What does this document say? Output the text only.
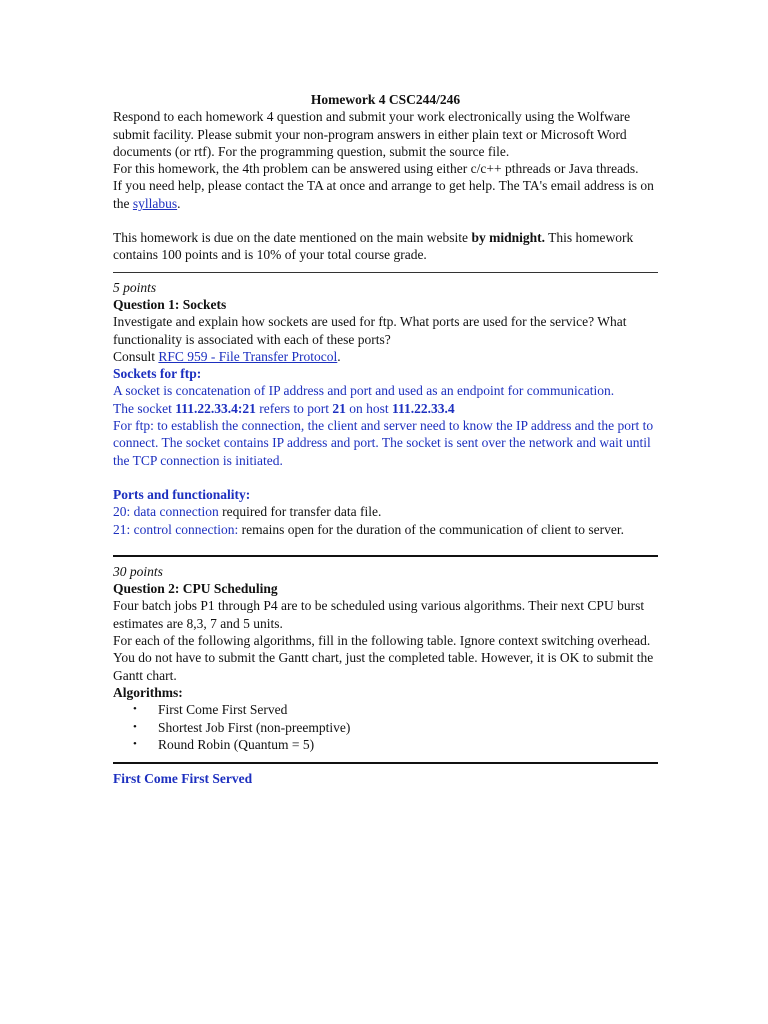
Homework 4 CSC244/246

Respond to each homework 4 question and submit your work electronically using the Wolfware submit facility. Please submit your non-program answers in either plain text or Microsoft Word documents (or rtf). For the programming question, submit the source file.

For this homework, the 4th problem can be answered using either c/c++ pthreads or Java threads.

If you need help, please contact the TA at once and arrange to get help. The TA's email address is on the syllabus.

This homework is due on the date mentioned on the main website by midnight. This homework contains 100 points and is 10% of your total course grade.

5 points

Question 1: Sockets

Investigate and explain how sockets are used for ftp. What ports are used for the service? What functionality is associated with each of these ports?

Consult RFC 959 - File Transfer Protocol.

Sockets for ftp:

A socket is concatenation of IP address and port and used as an endpoint for communication.

The socket 111.22.33.4:21 refers to port 21 on host 111.22.33.4

For ftp: to establish the connection, the client and server need to know the IP address and the port to connect. The socket contains IP address and port. The socket is sent over the network and wait until the TCP connection is initiated.

Ports and functionality:

20: data connection required for transfer data file.

21: control connection: remains open for the duration of the communication of client to server.

30 points

Question 2: CPU Scheduling

Four batch jobs P1 through P4 are to be scheduled using various algorithms. Their next CPU burst estimates are 8,3, 7 and 5 units.

For each of the following algorithms, fill in the following table. Ignore context switching overhead.

You do not have to submit the Gantt chart, just the completed table. However, it is OK to submit the Gantt chart.

Algorithms:

• First Come First Served
• Shortest Job First (non-preemptive)
• Round Robin (Quantum = 5)

First Come First Served
